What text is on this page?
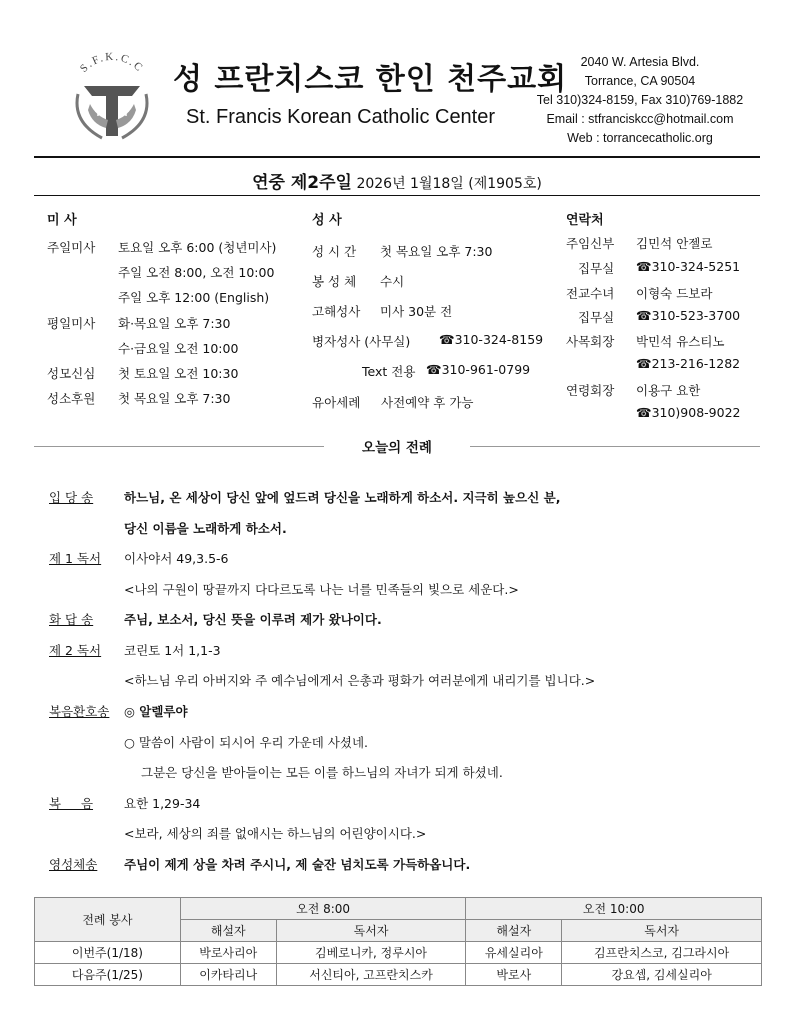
S.F.K.C.C 성 프란치스코 한인 천주교회
St. Francis Korean Catholic Center
2040 W. Artesia Blvd.
Torrance, CA 90504
Tel 310)324-8159, Fax 310)769-1882
Email : stfranciskcc@hotmail.com
Web : torrancecatholic.org
연중 제2주일 2026년 1월18일 (제1905호)
미 사
주일미사 토요일 오후 6:00 (청년미사)
주일 오전 8:00, 오전 10:00
주일 오후 12:00 (English)
평일미사 화·목요일 오후 7:30
수·금요일 오전 10:00
성모신심 첫 토요일 오전 10:30
성소후원 첫 목요일 오후 7:30
성 사
성 시 간 첫 목요일 오후 7:30
봉 성 체 수시
고해성사 미사 30분 전
병자성사 (사무실) ☎310-324-8159
Text 전용 ☎310-961-0799
유아세례 사전예약 후 가능
연락처
주임신부 김민석 안젤로
집무실 ☎310-324-5251
전교수녀 이형숙 드보라
집무실 ☎310-523-3700
사목회장 박민석 유스티노
☎213-216-1282
연령회장 이용구 요한
☎310)908-9022
오늘의 전례
입 당 송 하느님, 온 세상이 당신 앞에 엎드려 당신을 노래하게 하소서. 지극히 높으신 분,
당신 이름을 노래하게 하소서.
제 1 독서 이사야서 49,3.5-6
<나의 구원이 땅끝까지 다다르도록 나는 너를 민족들의 빛으로 세운다.>
화 답 송 주님, 보소서, 당신 뜻을 이루려 제가 왔나이다.
제 2 독서 코린토 1서 1,1-3
<하느님 우리 아버지와 주 예수님에게서 은총과 평화가 여러분에게 내리기를 빕니다.>
복음환호송 ◎ 알렐루야
○ 말씀이 사람이 되시어 우리 가운데 사셨네.
그분은 당신을 받아들이는 모든 이를 하느님의 자녀가 되게 하셨네.
복     음 요한 1,29-34
<보라, 세상의 죄를 없애시는 하느님의 어린양이시다.>
영성체송 주님이 제게 상을 차려 주시니, 제 술잔 넘치도록 가득하옵니다.
전례 봉사	오전 8:00		오전 10:00	
	해설자	독서자	해설자	독서자
이번주(1/18)	박로사리아	김베로니카, 정루시아	유세실리아	김프란치스코, 김그라시아
다음주(1/25)	이카타리나	서신티아, 고프란치스카	박로사	강요셉, 김세실리아
